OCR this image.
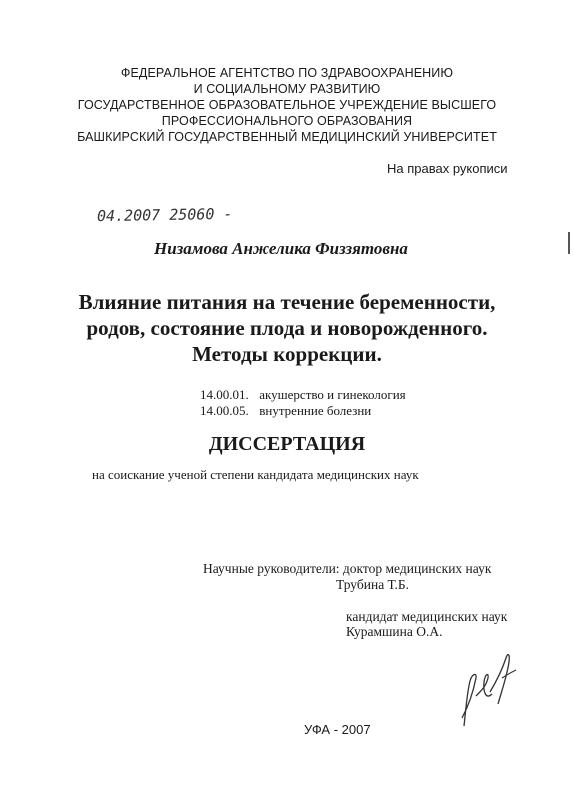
ФЕДЕРАЛЬНОЕ АГЕНТСТВО ПО ЗДРАВООХРАНЕНИЮ
И СОЦИАЛЬНОМУ РАЗВИТИЮ
ГОСУДАРСТВЕННОЕ ОБРАЗОВАТЕЛЬНОЕ УЧРЕЖДЕНИЕ ВЫСШЕГО
ПРОФЕССИОНАЛЬНОГО ОБРАЗОВАНИЯ
БАШКИРСКИЙ ГОСУДАРСТВЕННЫЙ МЕДИЦИНСКИЙ УНИВЕРСИТЕТ
На правах рукописи
04.2007 25060 -
Низамова Анжелика Физзятовна
Влияние питания на течение беременности,
родов, состояние плода и новорожденного.
Методы коррекции.
14.00.01. акушерство и гинекология
14.00.05. внутренние болезни
ДИССЕРТАЦИЯ
на соискание ученой степени кандидата медицинских наук
Научные руководители: доктор медицинских наук
Трубина Т.Б.
кандидат медицинских наук
Курамшина О.А.
УФА - 2007
